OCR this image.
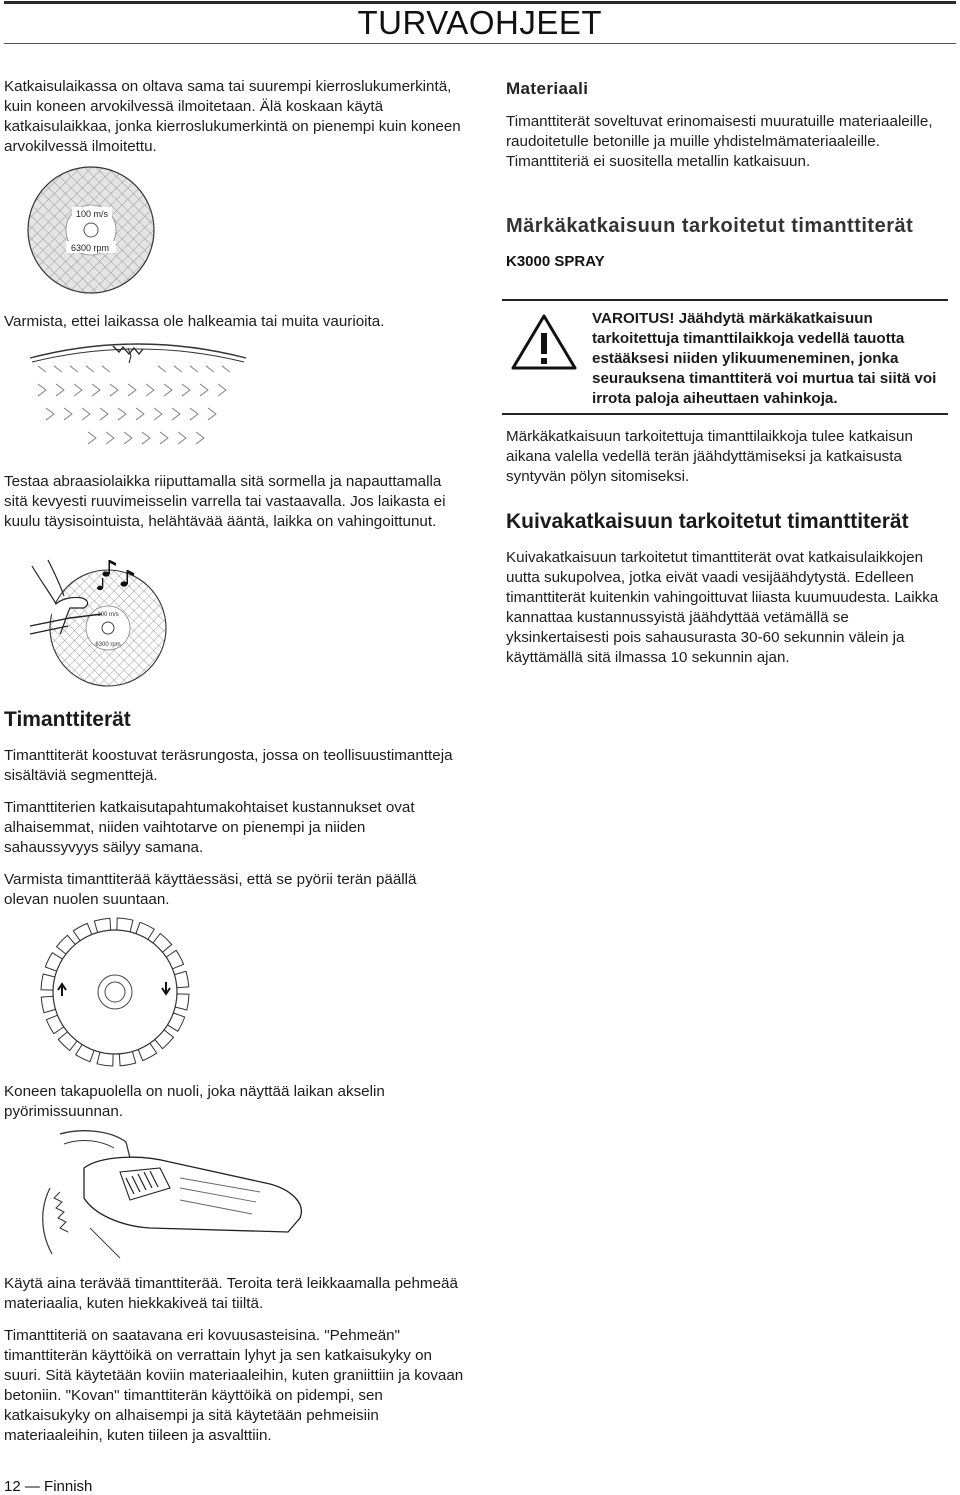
TURVAOHJEET

Katkaisulaikassa on oltava sama tai suurempi kierroslukumerkintä, kuin koneen arvokilvessä ilmoitetaan. Älä koskaan käytä katkaisulaikkaa, jonka kierroslukumerkintä on pienempi kuin koneen arvokilvessä ilmoitettu.

100 m/s
6300 rpm

Varmista, ettei laikassa ole halkeamia tai muita vaurioita.

Testaa abraasiolaikka riiputtamalla sitä sormella ja napauttamalla sitä kevyesti ruuvimeisselin varrella tai vastaavalla. Jos laikasta ei kuulu täysisointuista, helähtävää ääntä, laikka on vahingoittunut.

100 m/s
6300 rpm
Timanttiterät

Timanttiterät koostuvat teräsrungosta, jossa on teollisuustimantteja sisältäviä segmenttejä.

Timanttiterien katkaisutapahtumakohtaiset kustannukset ovat alhaisemmat, niiden vaihtotarve on pienempi ja niiden sahaussyvyys säilyy samana.

Varmista timanttiterää käyttäessäsi, että se pyörii terän päällä olevan nuolen suuntaan.

Koneen takapuolella on nuoli, joka näyttää laikan akselin pyörimissuunnan.

Käytä aina terävää timanttiterää. Teroita terä leikkaamalla pehmeää materiaalia, kuten hiekkakiveä tai tiiltä.

Timanttiteriä on saatavana eri kovuusasteisina. "Pehmeän" timanttiterän käyttöikä on verrattain lyhyt ja sen katkaisukyky on suuri. Sitä käytetään koviin materiaaleihin, kuten graniittiin ja kovaan betoniin. "Kovan" timanttiterän käyttöikä on pidempi, sen katkaisukyky on alhaisempi ja sitä käytetään pehmeisiin materiaaleihin, kuten tiileen ja asvalttiin.

Materiaali

Timanttiterät soveltuvat erinomaisesti muuratuille materiaaleille, raudoitetulle betonille ja muille yhdistelmämateriaaleille. Timanttiteriä ei suositella metallin katkaisuun.

Märkäkatkaisuun tarkoitetut timanttiterät
K3000 SPRAY
VAROITUS! Jäähdytä märkäkatkaisuun tarkoitettuja timanttilaikkoja vedellä tauotta estääksesi niiden ylikuumeneminen, jonka seurauksena timanttiterä voi murtua tai siitä voi irrota paloja aiheuttaen vahinkoja.

Märkäkatkaisuun tarkoitettuja timanttilaikkoja tulee katkaisun aikana valella vedellä terän jäähdyttämiseksi ja katkaisusta syntyvän pölyn sitomiseksi.

Kuivakatkaisuun tarkoitetut timanttiterät

Kuivakatkaisuun tarkoitetut timanttiterät ovat katkaisulaikkojen uutta sukupolvea, jotka eivät vaadi vesijäähdytystä. Edelleen timanttiterät kuitenkin vahingoittuvat liiasta kuumuudesta. Laikka kannattaa kustannussyistä jäähdyttää vetämällä se yksinkertaisesti pois sahausurasta 30-60 sekunnin välein ja käyttämällä sitä ilmassa 10 sekunnin ajan.

12 — Finnish
